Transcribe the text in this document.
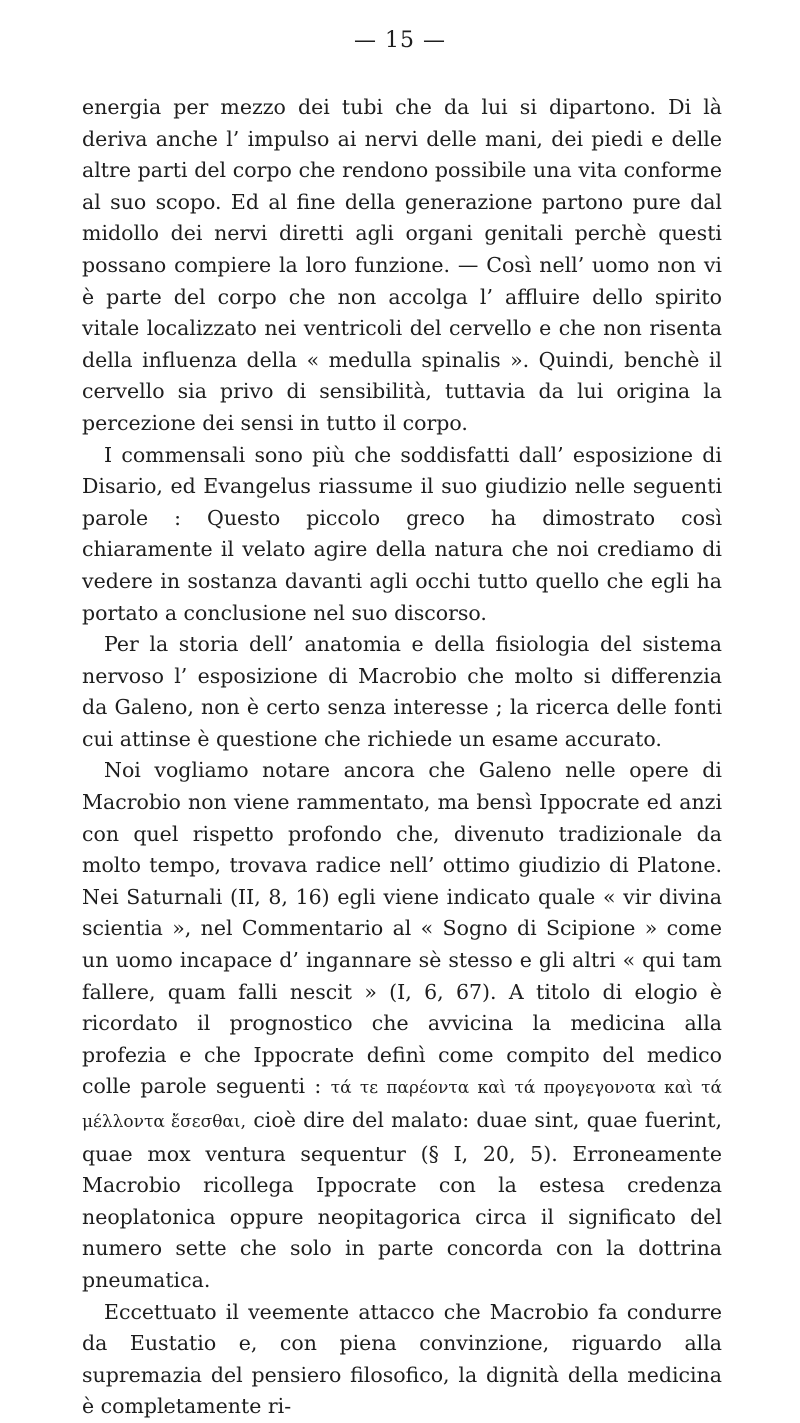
— 15 —

energia per mezzo dei tubi che da lui si dipartono. Di là deriva anche l’ impulso ai nervi delle mani, dei piedi e delle altre parti del corpo che rendono possibile una vita conforme al suo scopo. Ed al fine della generazione partono pure dal midollo dei nervi diretti agli organi genitali perchè questi possano compiere la loro funzione. — Così nell’ uomo non vi è parte del corpo che non accolga l’ affluire dello spirito vitale localizzato nei ventricoli del cervello e che non risenta della influenza della « medulla spinalis ». Quindi, benchè il cervello sia privo di sensibilità, tuttavia da lui origina la percezione dei sensi in tutto il corpo.

I commensali sono più che soddisfatti dall’ esposizione di Disario, ed Evangelus riassume il suo giudizio nelle seguenti parole : Questo piccolo greco ha dimostrato così chiaramente il velato agire della natura che noi crediamo di vedere in sostanza davanti agli occhi tutto quello che egli ha portato a conclusione nel suo discorso.

Per la storia dell’ anatomia e della fisiologia del sistema nervoso l’ esposizione di Macrobio che molto si differenzia da Galeno, non è certo senza interesse ; la ricerca delle fonti cui attinse è questione che richiede un esame accurato.

Noi vogliamo notare ancora che Galeno nelle opere di Macrobio non viene rammentato, ma bensì Ippocrate ed anzi con quel rispetto profondo che, divenuto tradizionale da molto tempo, trovava radice nell’ ottimo giudizio di Platone. Nei Saturnali (II, 8, 16) egli viene indicato quale « vir divina scientia », nel Commentario al « Sogno di Scipione » come un uomo incapace d’ ingannare sè stesso e gli altri « qui tam fallere, quam falli nescit » (I, 6, 67). A titolo di elogio è ricordato il prognostico che avvicina la medicina alla profezia e che Ippocrate definì come compito del medico colle parole seguenti : τά τε παρέοντα καὶ τά προγεγονοτα καὶ τά μέλλοντα ἔσεσθαι, cioè dire del malato: duae sint, quae fuerint, quae mox ventura sequentur (§ I, 20, 5). Erroneamente Macrobio ricollega Ippocrate con la estesa credenza neoplatonica oppure neopitagorica circa il significato del numero sette che solo in parte concorda con la dottrina pneumatica.

Eccettuato il veemente attacco che Macrobio fa condurre da Eustatio e, con piena convinzione, riguardo alla supremazia del pensiero filosofico, la dignità della medicina è completamente ri-
